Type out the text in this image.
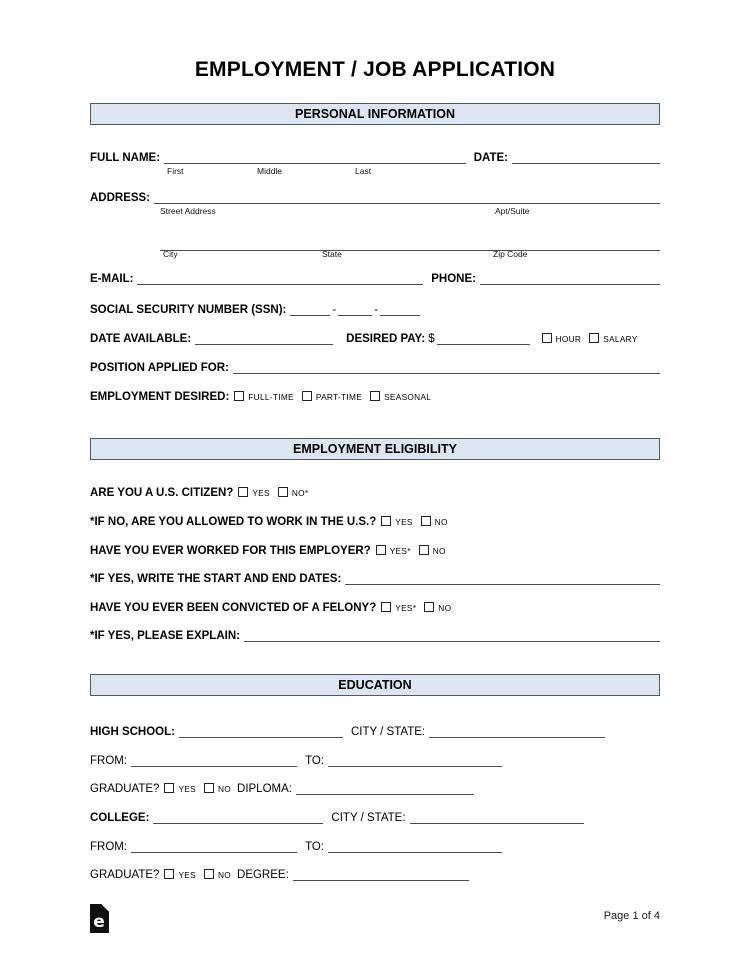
EMPLOYMENT / JOB APPLICATION
PERSONAL INFORMATION
FULL NAME:	DATE:
First	Middle	Last
ADDRESS:
Street Address	Apt/Suite
City	State	Zip Code
E-MAIL:	PHONE:
SOCIAL SECURITY NUMBER (SSN):	-	-
DATE AVAILABLE:	DESIRED PAY: $	HOUR	SALARY
POSITION APPLIED FOR:
EMPLOYMENT DESIRED: FULL-TIME	PART-TIME	SEASONAL
EMPLOYMENT ELIGIBILITY
ARE YOU A U.S. CITIZEN? YES	NO*
*IF NO, ARE YOU ALLOWED TO WORK IN THE U.S.? YES	NO
HAVE YOU EVER WORKED FOR THIS EMPLOYER? YES*	NO
*IF YES, WRITE THE START AND END DATES:
HAVE YOU EVER BEEN CONVICTED OF A FELONY? YES*	NO
*IF YES, PLEASE EXPLAIN:
EDUCATION
HIGH SCHOOL:	CITY / STATE:
FROM:	TO:
GRADUATE? YES	NO DIPLOMA:
COLLEGE:	CITY / STATE:
FROM:	TO:
GRADUATE? YES	NO DEGREE:
e	Page 1 of 4
